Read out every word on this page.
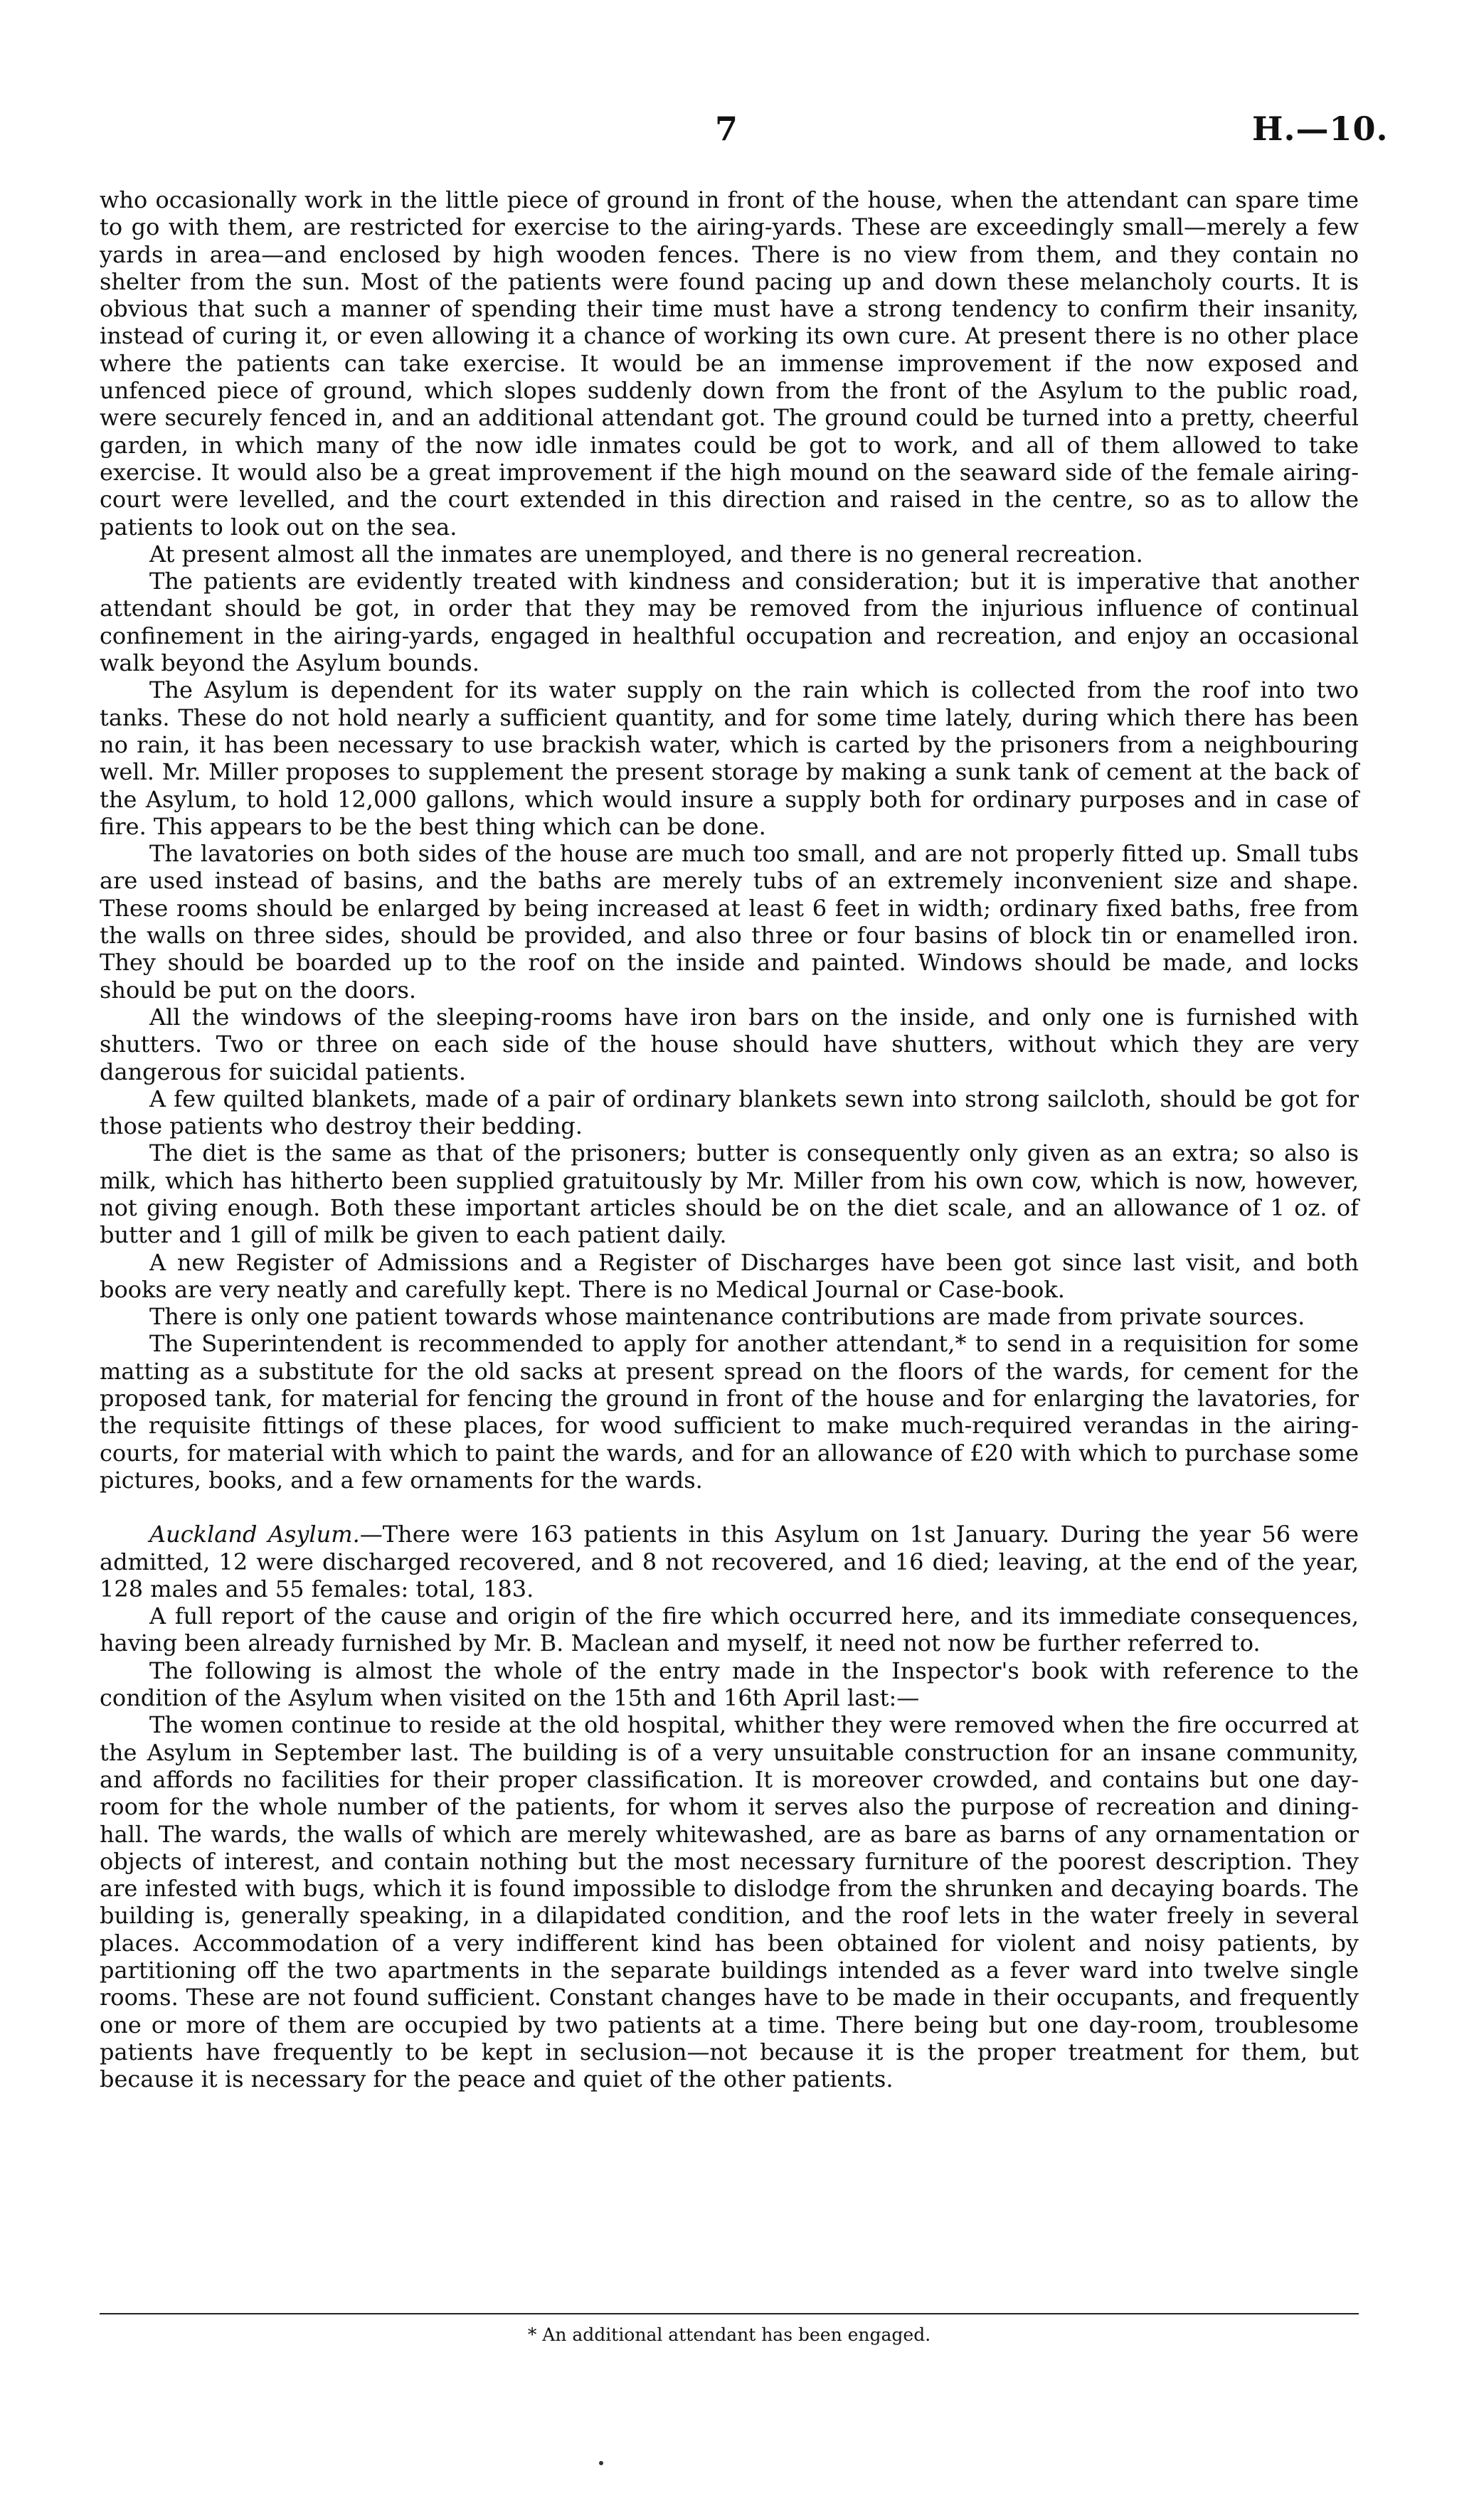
7	H.—10.

who occasionally work in the little piece of ground in front of the house, when the attendant can spare time to go with them, are restricted for exercise to the airing-yards. These are exceedingly small—merely a few yards in area—and enclosed by high wooden fences. There is no view from them, and they contain no shelter from the sun. Most of the patients were found pacing up and down these melancholy courts. It is obvious that such a manner of spending their time must have a strong tendency to confirm their insanity, instead of curing it, or even allowing it a chance of working its own cure. At present there is no other place where the patients can take exercise. It would be an immense improvement if the now exposed and unfenced piece of ground, which slopes suddenly down from the front of the Asylum to the public road, were securely fenced in, and an additional attendant got. The ground could be turned into a pretty, cheerful garden, in which many of the now idle inmates could be got to work, and all of them allowed to take exercise. It would also be a great improvement if the high mound on the seaward side of the female airing-court were levelled, and the court extended in this direction and raised in the centre, so as to allow the patients to look out on the sea.

At present almost all the inmates are unemployed, and there is no general recreation.

The patients are evidently treated with kindness and consideration; but it is imperative that another attendant should be got, in order that they may be removed from the injurious influence of continual confinement in the airing-yards, engaged in healthful occupation and recreation, and enjoy an occasional walk beyond the Asylum bounds.

The Asylum is dependent for its water supply on the rain which is collected from the roof into two tanks. These do not hold nearly a sufficient quantity, and for some time lately, during which there has been no rain, it has been necessary to use brackish water, which is carted by the prisoners from a neighbouring well. Mr. Miller proposes to supplement the present storage by making a sunk tank of cement at the back of the Asylum, to hold 12,000 gallons, which would insure a supply both for ordinary purposes and in case of fire. This appears to be the best thing which can be done.

The lavatories on both sides of the house are much too small, and are not properly fitted up. Small tubs are used instead of basins, and the baths are merely tubs of an extremely inconvenient size and shape. These rooms should be enlarged by being increased at least 6 feet in width; ordinary fixed baths, free from the walls on three sides, should be provided, and also three or four basins of block tin or enamelled iron. They should be boarded up to the roof on the inside and painted. Windows should be made, and locks should be put on the doors.

All the windows of the sleeping-rooms have iron bars on the inside, and only one is furnished with shutters. Two or three on each side of the house should have shutters, without which they are very dangerous for suicidal patients.

A few quilted blankets, made of a pair of ordinary blankets sewn into strong sailcloth, should be got for those patients who destroy their bedding.

The diet is the same as that of the prisoners; butter is consequently only given as an extra; so also is milk, which has hitherto been supplied gratuitously by Mr. Miller from his own cow, which is now, however, not giving enough. Both these important articles should be on the diet scale, and an allowance of 1 oz. of butter and 1 gill of milk be given to each patient daily.

A new Register of Admissions and a Register of Discharges have been got since last visit, and both books are very neatly and carefully kept. There is no Medical Journal or Case-book.

There is only one patient towards whose maintenance contributions are made from private sources.

The Superintendent is recommended to apply for another attendant,* to send in a requisition for some matting as a substitute for the old sacks at present spread on the floors of the wards, for cement for the proposed tank, for material for fencing the ground in front of the house and for enlarging the lavatories, for the requisite fittings of these places, for wood sufficient to make much-required verandas in the airing-courts, for material with which to paint the wards, and for an allowance of £20 with which to purchase some pictures, books, and a few ornaments for the wards.

Auckland Asylum.—There were 163 patients in this Asylum on 1st January. During the year 56 were admitted, 12 were discharged recovered, and 8 not recovered, and 16 died; leaving, at the end of the year, 128 males and 55 females: total, 183.

A full report of the cause and origin of the fire which occurred here, and its immediate consequences, having been already furnished by Mr. B. Maclean and myself, it need not now be further referred to.

The following is almost the whole of the entry made in the Inspector's book with reference to the condition of the Asylum when visited on the 15th and 16th April last:—

The women continue to reside at the old hospital, whither they were removed when the fire occurred at the Asylum in September last. The building is of a very unsuitable construction for an insane community, and affords no facilities for their proper classification. It is moreover crowded, and contains but one day-room for the whole number of the patients, for whom it serves also the purpose of recreation and dining-hall. The wards, the walls of which are merely whitewashed, are as bare as barns of any ornamentation or objects of interest, and contain nothing but the most necessary furniture of the poorest description. They are infested with bugs, which it is found impossible to dislodge from the shrunken and decaying boards. The building is, generally speaking, in a dilapidated condition, and the roof lets in the water freely in several places. Accommodation of a very indifferent kind has been obtained for violent and noisy patients, by partitioning off the two apartments in the separate buildings intended as a fever ward into twelve single rooms. These are not found sufficient. Constant changes have to be made in their occupants, and frequently one or more of them are occupied by two patients at a time. There being but one day-room, troublesome patients have frequently to be kept in seclusion—not because it is the proper treatment for them, but because it is necessary for the peace and quiet of the other patients.

* An additional attendant has been engaged.
